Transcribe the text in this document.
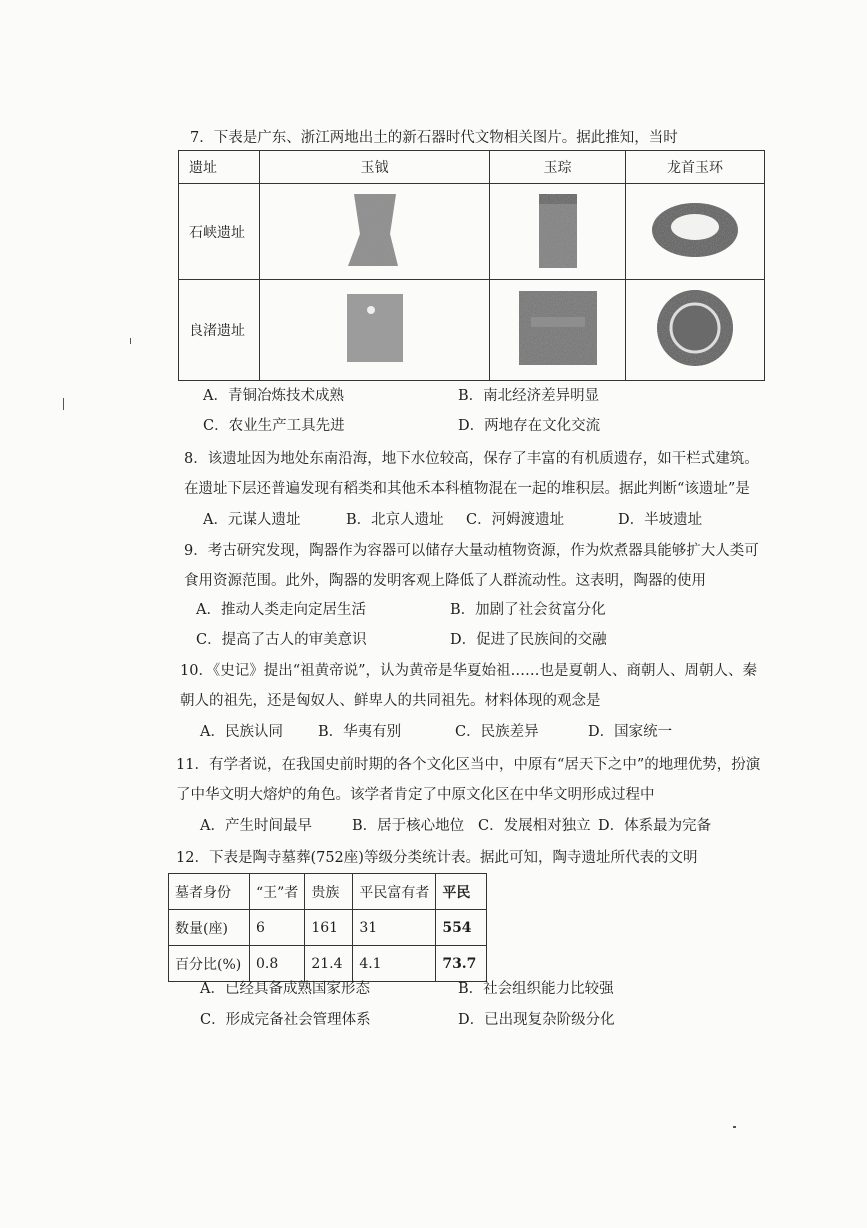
7．下表是广东、浙江两地出土的新石器时代文物相关图片。据此推知，当时
遗址	玉钺	玉琮	龙首玉环
石峡遗址			
良渚遗址			
A．青铜冶炼技术成熟	B．南北经济差异明显
C．农业生产工具先进	D．两地存在文化交流
8．该遗址因为地处东南沿海，地下水位较高，保存了丰富的有机质遗存，如干栏式建筑。
在遗址下层还普遍发现有稻类和其他禾本科植物混在一起的堆积层。据此判断“该遗址”是
A．元谋人遗址	B．北京人遗址 C．河姆渡遗址	D．半坡遗址
9．考古研究发现，陶器作为容器可以储存大量动植物资源，作为炊煮器具能够扩大人类可
食用资源范围。此外，陶器的发明客观上降低了人群流动性。这表明，陶器的使用
A．推动人类走向定居生活	B．加剧了社会贫富分化
C．提高了古人的审美意识	D．促进了民族间的交融
10．《史记》提出“祖黄帝说”，认为黄帝是华夏始祖……也是夏朝人、商朝人、周朝人、秦
朝人的祖先，还是匈奴人、鲜卑人的共同祖先。材料体现的观念是
A．民族认同 B．华夷有别	C．民族差异	D．国家统一
11．有学者说，在我国史前时期的各个文化区当中，中原有“居天下之中”的地理优势，扮演
了中华文明大熔炉的角色。该学者肯定了中原文化区在中华文明形成过程中
A．产生时间最早	B．居于核心地位 C．发展相对独立 D．体系最为完备
12．下表是陶寺墓葬(752座)等级分类统计表。据此可知，陶寺遗址所代表的文明
墓者身份	“王”者	贵族	平民富有者	平民
数量(座)	6	161	31	554
百分比(%)	0.8	21.4	4.1	73.7
A．已经具备成熟国家形态	B．社会组织能力比较强
C．形成完备社会管理体系	D．已出现复杂阶级分化
